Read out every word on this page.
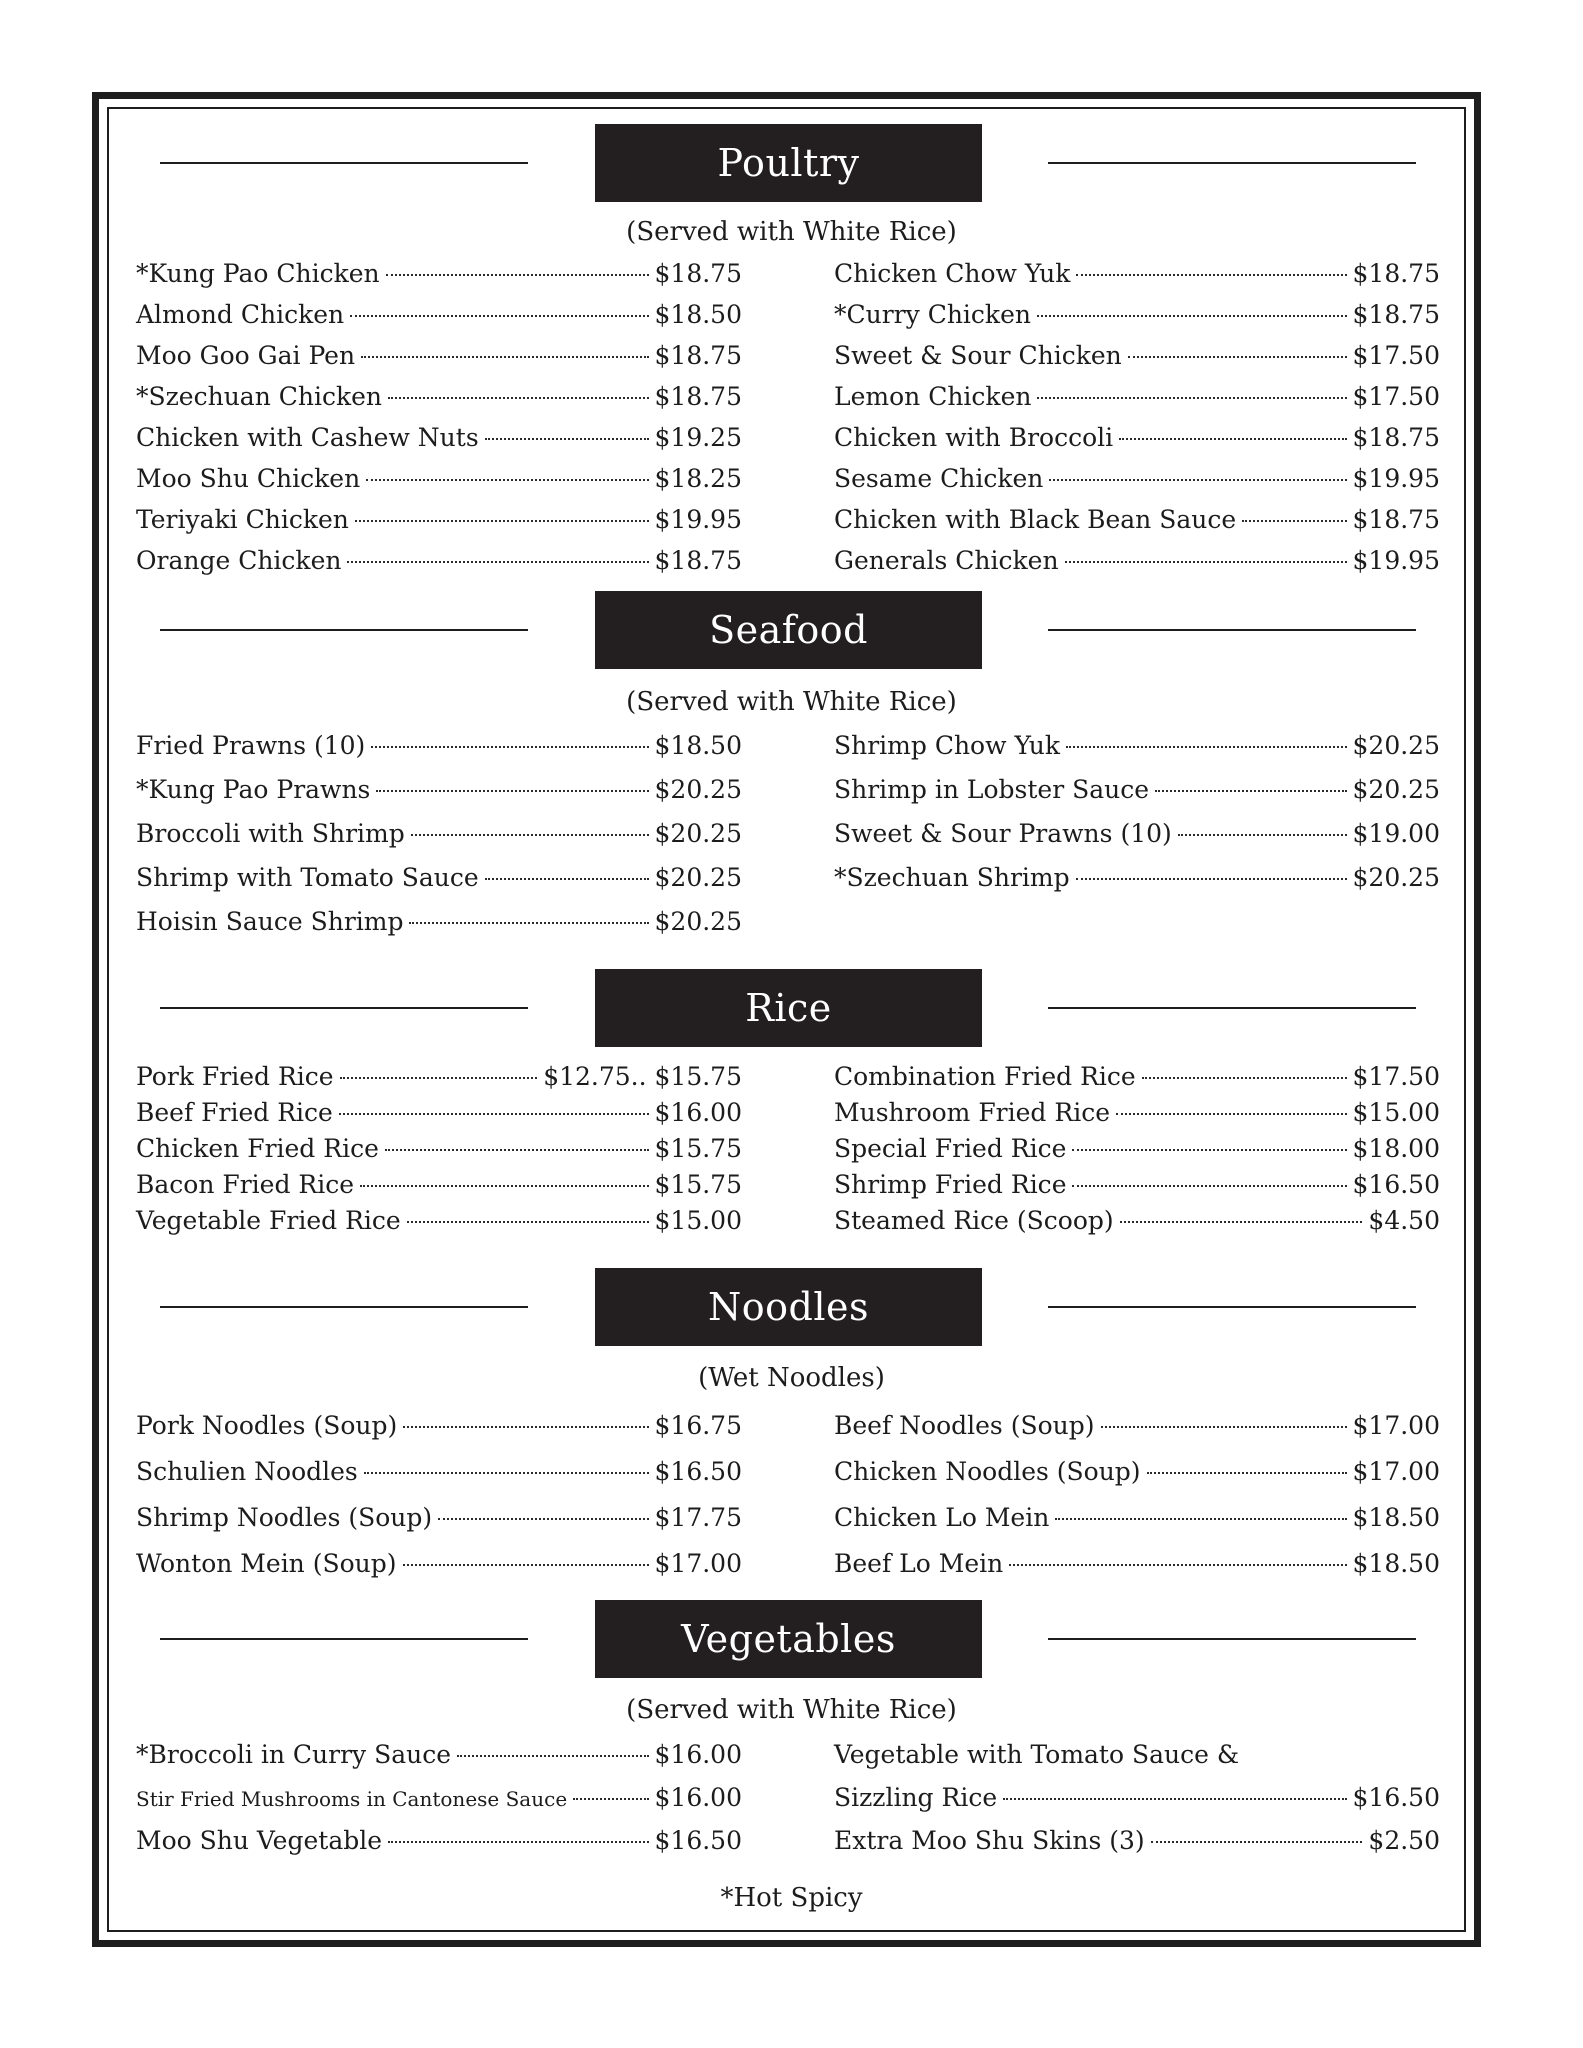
Poultry
(Served with White Rice)
*Kung Pao Chicken	$18.75
Almond Chicken	$18.50
Moo Goo Gai Pen	$18.75
*Szechuan Chicken	$18.75
Chicken with Cashew Nuts	$19.25
Moo Shu Chicken	$18.25
Teriyaki Chicken	$19.95
Orange Chicken	$18.75
Chicken Chow Yuk	$18.75
*Curry Chicken	$18.75
Sweet & Sour Chicken	$17.50
Lemon Chicken	$17.50
Chicken with Broccoli	$18.75
Sesame Chicken	$19.95
Chicken with Black Bean Sauce	$18.75
Generals Chicken	$19.95
Seafood
(Served with White Rice)
Fried Prawns (10)	$18.50
*Kung Pao Prawns	$20.25
Broccoli with Shrimp	$20.25
Shrimp with Tomato Sauce	$20.25
Hoisin Sauce Shrimp	$20.25
Shrimp Chow Yuk	$20.25
Shrimp in Lobster Sauce	$20.25
Sweet & Sour Prawns (10)	$19.00
*Szechuan Shrimp	$20.25
Rice
Pork Fried Rice	$12.75.. $15.75
Beef Fried Rice	$16.00
Chicken Fried Rice	$15.75
Bacon Fried Rice	$15.75
Vegetable Fried Rice	$15.00
Combination Fried Rice	$17.50
Mushroom Fried Rice	$15.00
Special Fried Rice	$18.00
Shrimp Fried Rice	$16.50
Steamed Rice (Scoop)	$4.50
Noodles
(Wet Noodles)
Pork Noodles (Soup)	$16.75
Schulien Noodles	$16.50
Shrimp Noodles (Soup)	$17.75
Wonton Mein (Soup)	$17.00
Beef Noodles (Soup)	$17.00
Chicken Noodles (Soup)	$17.00
Chicken Lo Mein	$18.50
Beef Lo Mein	$18.50
Vegetables
(Served with White Rice)
*Broccoli in Curry Sauce	$16.00
Stir Fried Mushrooms in Cantonese Sauce	$16.00
Moo Shu Vegetable	$16.50
Vegetable with Tomato Sauce &
Sizzling Rice	$16.50
Extra Moo Shu Skins (3)	$2.50
*Hot Spicy
